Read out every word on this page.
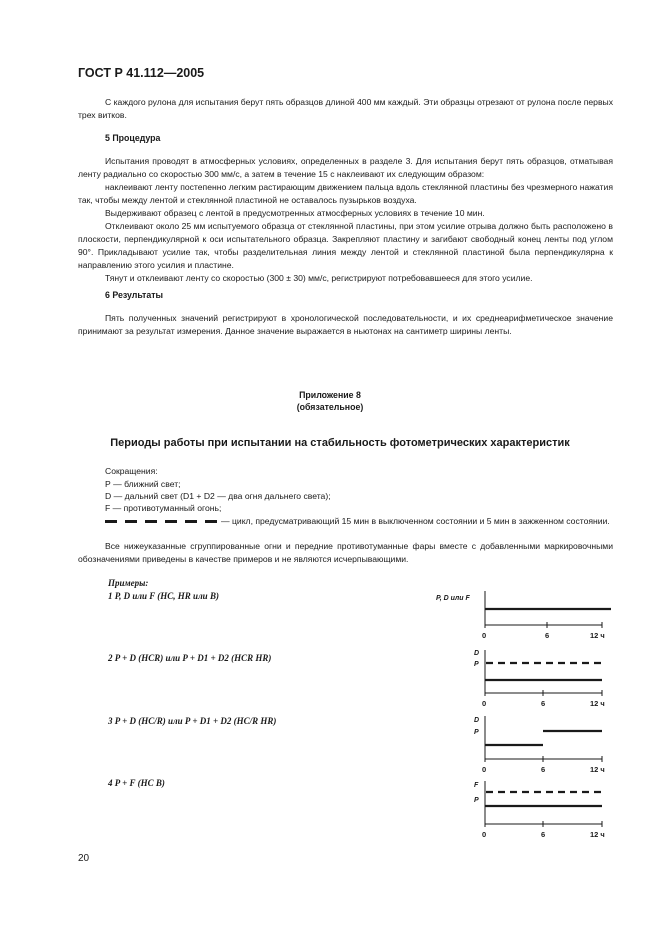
ГОСТ Р 41.112—2005
С каждого рулона для испытания берут пять образцов длиной 400 мм каждый. Эти образцы отрезают от рулона после первых трех витков.
5 Процедура
Испытания проводят в атмосферных условиях, определенных в разделе 3. Для испытания берут пять образцов, отматывая ленту радиально со скоростью 300 мм/с, а затем в течение 15 с наклеивают их следующим образом:
наклеивают ленту постепенно легким растирающим движением пальца вдоль стеклянной пластины без чрезмерного нажатия так, чтобы между лентой и стеклянной пластиной не оставалось пузырьков воздуха.
Выдерживают образец с лентой в предусмотренных атмосферных условиях в течение 10 мин.
Отклеивают около 25 мм испытуемого образца от стеклянной пластины, при этом усилие отрыва должно быть расположено в плоскости, перпендикулярной к оси испытательного образца. Закрепляют пластину и загибают свободный конец ленты под углом 90°. Прикладывают усилие так, чтобы разделительная линия между лентой и стеклянной пластиной была перпендикулярна к направлению этого усилия и пластине.
Тянут и отклеивают ленту со скоростью (300 ± 30) мм/с, регистрируют потребовавшееся для этого усилие.
6 Результаты
Пять полученных значений регистрируют в хронологической последовательности, и их среднеарифметическое значение принимают за результат измерения. Данное значение выражается в ньютонах на сантиметр ширины ленты.
Приложение 8
(обязательное)
Периоды работы при испытании на стабильность фотометрических характеристик
Сокращения:
Р — ближний свет;
D — дальний свет (D1 + D2 — два огня дальнего света);
F — противотуманный огонь;
— цикл, предусматривающий 15 мин в выключенном состоянии и 5 мин в зажженном состоянии.
Все нижеуказанные сгруппированные огни и передние противотуманные фары вместе с добавленными маркировочными обозначениями приведены в качестве примеров и не являются исчерпывающими.
Примеры:
1 P, D или F (HC, HR или B)
2 P + D (HCR) или P + D1 + D2 (HCR HR)
3 P + D (HC/R) или P + D1 + D2 (HC/R HR)
4 P + F (HC B)
P, D или F
0	6	12 ч
D
P
0	6	12 ч
D
P
0	6	12 ч
F
P
0	6	12 ч
20
